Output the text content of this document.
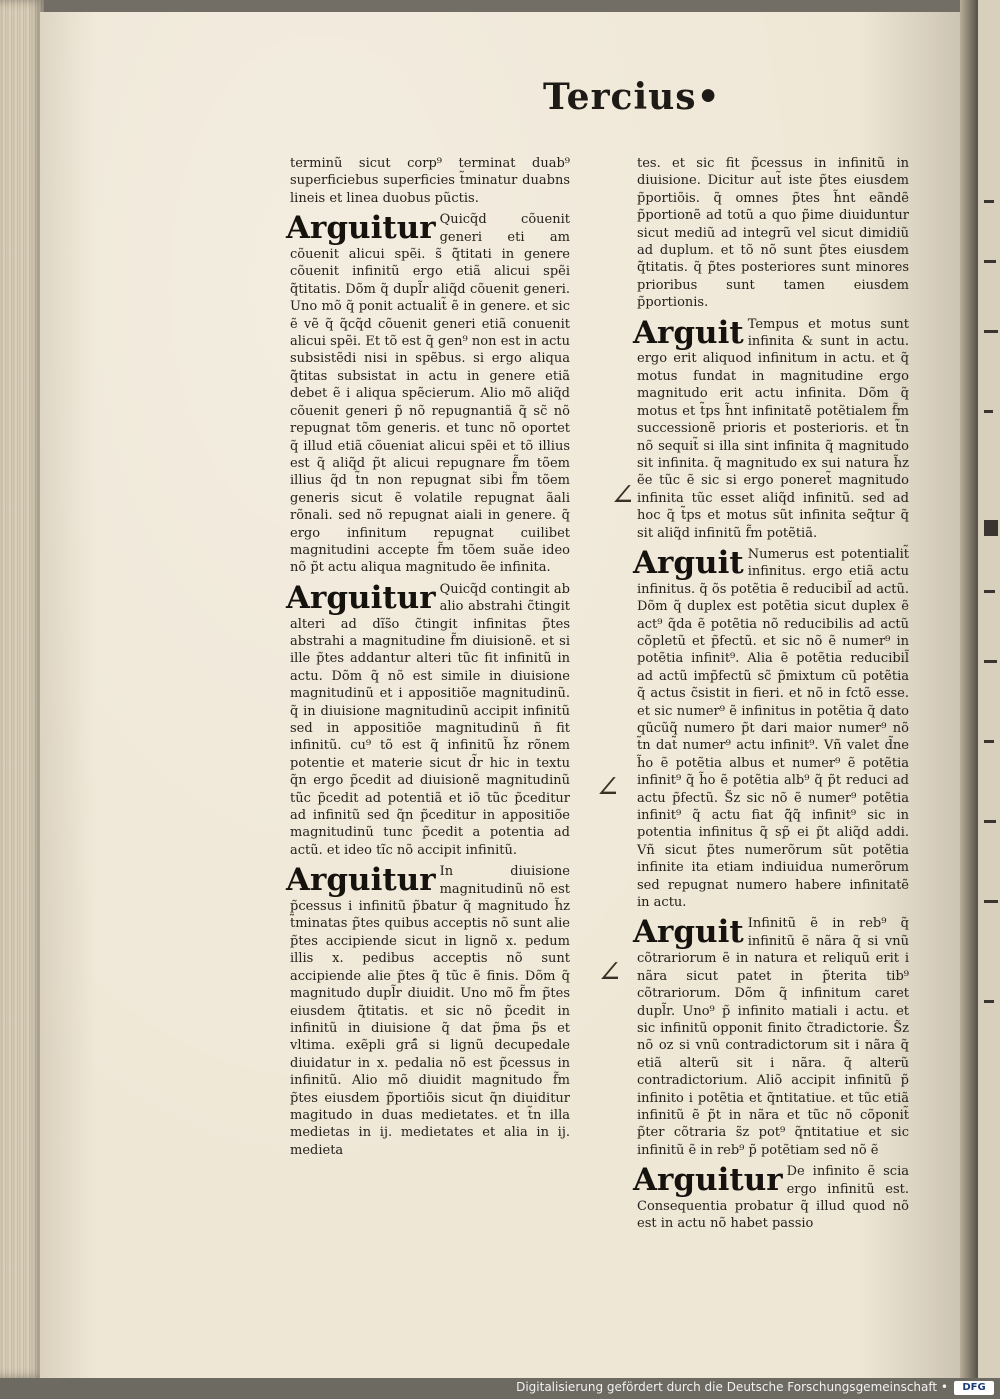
Tercius•

terminũ sicut corp⁹ terminat duab⁹ superficiebus superficies t̃minatur duabns lineis et linea duobus pũctis.

Arguitur Quicq̃d cõuenit generi eti am cõuenit alicui spẽi. s̃ q̃̃titati in genere cõuenit infinitũ ergo etiã alicui spẽi q̃̃titatis. Dõm q̃ dupl̃r aliq̃d cõuenit generi. Uno mõ q̃ ponit actualit̃ ẽ in genere. et sic ẽ vẽ q̃ q̃cq̃d cõuenit generi etiã conuenit alicui spẽi. Et tõ est q̃ gen⁹ non est in actu subsistẽdi nisi in spẽbus. si ergo aliqua q̃̃titas subsistat in actu in genere etiã debet ẽ i aliqua spẽcierum. Alio mõ aliq̃d cõuenit generi p̃ nõ repugnantiã q̃ sc̃ nõ repugnat tõm generis. et tunc nõ oportet q̃ illud etiã cõueniat alicui spẽi et tõ illius est q̃ aliq̃d p̃t alicui repugnare f̃m tõem illius q̃d t̃n non repugnat sibi f̃m tõem generis sicut ẽ volatile repugnat ãali rõnali. sed nõ repugnat aiali in genere. q̃ ergo infinitum repugnat cuilibet magnitudini accepte f̃m tõem suăe ideo nõ p̃t actu aliqua magnitudo ẽe infinita.

Arguitur Quicq̃d contingit ab alio abstrahi c̃tingit alteri ad dĩs̃o c̃tingit infinitas p̃tes abstrahi a magnitudine f̃m diuisionẽ. et si ille p̃tes addantur alteri tũc fit infinitũ in actu. Dõm q̃ nõ est simile in diuisione magnitudinũ et i appositiõe magnitudinũ. q̃ in diuisione magnitudinũ accipit infinitũ sed in appositiõe magnitudinũ ñ fit infinitũ. cu⁹ tõ est q̃ infinitũ h̃z rõnem potentie et materie sicut d̃r hic in textu q̃n ergo p̃cedit ad diuisionẽ magnitudinũ tũc p̃cedit ad potentiã et iõ tũc p̃ceditur ad infinitũ sed q̃n p̃ceditur in appositiõe magnitudinũ tunc p̃cedit a potentia ad actũ. et ideo tĩc nõ accipit infinitũ.

Arguitur In diuisione magnitudinũ nõ est p̃cessus i infinitũ p̃batur q̃ magnitudo h̃z t̃minatas p̃tes quibus acceptis nõ sunt alie p̃tes accipiende sicut in lignõ x. pedum illis x. pedibus acceptis nõ sunt accipiende alie p̃tes q̃ tũc ẽ finis. Dõm q̃ magnitudo dupl̃r diuidit. Uno mõ f̃m p̃tes eiusdem q̃̃titatis. et sic nõ p̃cedit in infinitũ in diuisione q̃ dat p̃ma p̃s et vltima. exẽpli grá̃ si lignũ decupedale diuidatur in x. pedalia nõ est p̃cessus in infinitũ. Alio mõ diuidit magnitudo f̃m p̃tes eiusdem p̃portiõis sicut q̃n diuiditur magitudo in duas medietates. et t̃n illa medietas in ij. medietates et alia in ij. medieta

tes. et sic fit p̃cessus in infinitũ in diuisione. Dicitur aut̃ iste p̃tes eiusdem p̃portiõis. q̃ omnes p̃tes h̃nt eãndẽ p̃portionẽ ad totũ a quo p̃ime diuiduntur sicut mediũ ad integrũ vel sicut dimidiũ ad duplum. et tõ nõ sunt p̃tes eiusdem q̃̃titatis. q̃ p̃tes posteriores sunt minores prioribus sunt tamen eiusdem p̃portionis.

Arguit Tempus et motus sunt infinita & sunt in actu. ergo erit aliquod infinitum in actu. et q̃ motus fundat in magnitudine ergo magnitudo erit actu infinita. Dõm q̃ motus et t̃ps h̃nt infinitatẽ potẽtialem f̃m successionẽ prioris et posterioris. et t̃n nõ sequit̃ si illa sint infinita q̃ magnitudo sit infinita. q̃ magnitudo ex sui natura h̃z ẽe tũc ẽ sic si ergo poneret̃ magnitudo infinita tũc esset aliq̃d infinitũ. sed ad hoc q̃ t̃ps et motus sũt infinita seq̃tur q̃ sit aliq̃d infinitũ f̃m potẽtiã.

Arguit Numerus est potentialit̃ infinitus. ergo etiã actu infinitus. q̃ õs potẽtia ẽ reducibil̃ ad actũ. Dõm q̃ duplex est potẽtia sicut duplex ẽ act⁹ q̃da ẽ potẽtia nõ reducibilis ad actũ cõpletũ et p̃fectũ. et sic nõ ẽ numer⁹ in potẽtia infinit⁹. Alia ẽ potẽtia reducibil̃ ad actũ imp̃fectũ sc̃ p̃mixtum cũ potẽtia q̃ actus c̃sistit in fieri. et nõ in fctõ esse. et sic numer⁹ ẽ infinitus in potẽtia q̃ dato qũcũq̃ numero p̃t dari maior numer⁹ nõ t̃n dat̃ numer⁹ actu infinit⁹. Vñ valet d̃ne h̃o ẽ potẽtia albus et numer⁹ ẽ potẽtia infinit⁹ q̃ h̃o ẽ potẽtia alb⁹ q̃ p̃t reduci ad actu p̃fectũ. S̃z sic nõ ẽ numer⁹ potẽtia infinit⁹ q̃ actu fiat q̃̃q̃ infinit⁹ sic in potentia infinitus q̃ sp̃ ei p̃t aliq̃d addi. Vñ sicut p̃tes numerõrum sũt potẽtia infinite ita etiam indiuidua numerõrum sed repugnat numero habere infinitatẽ in actu.

Arguit Infinitũ ẽ in reb⁹ q̃ infinitũ ẽ nãra q̃ si vnũ cõtrariorum ẽ in natura et reliquũ erit i nãra sicut patet in p̃terita tib⁹ cõtrariorum. Dõm q̃ infinitum caret dupl̃r. Uno⁹ p̃ infinito matiali i actu. et sic infinitũ opponit finito c̃tradictorie. S̃z nõ oz si vnũ contradictorum sit i nãra q̃ etiã alterũ sit i nãra. q̃ alterũ contradictorium. Aliõ accipit infinitũ p̃ infinito i potẽtia et q̃ntitatiue. et tũc etiã infinitũ ẽ p̃t in nãra et tũc nõ cõponit̃ p̃ter cõtraria s̃z pot⁹ q̃ntitatiue et sic infinitũ ẽ in reb⁹ p̃ potẽtiam sed nõ ẽ

Arguitur De infinito ẽ scia ergo infinitũ est. Consequentia probatur q̃ illud quod nõ est in actu nõ habet passio

∠
∠
∠
Digitalisierung gefördert durch die Deutsche Forschungsgemeinschaft •	DFG
